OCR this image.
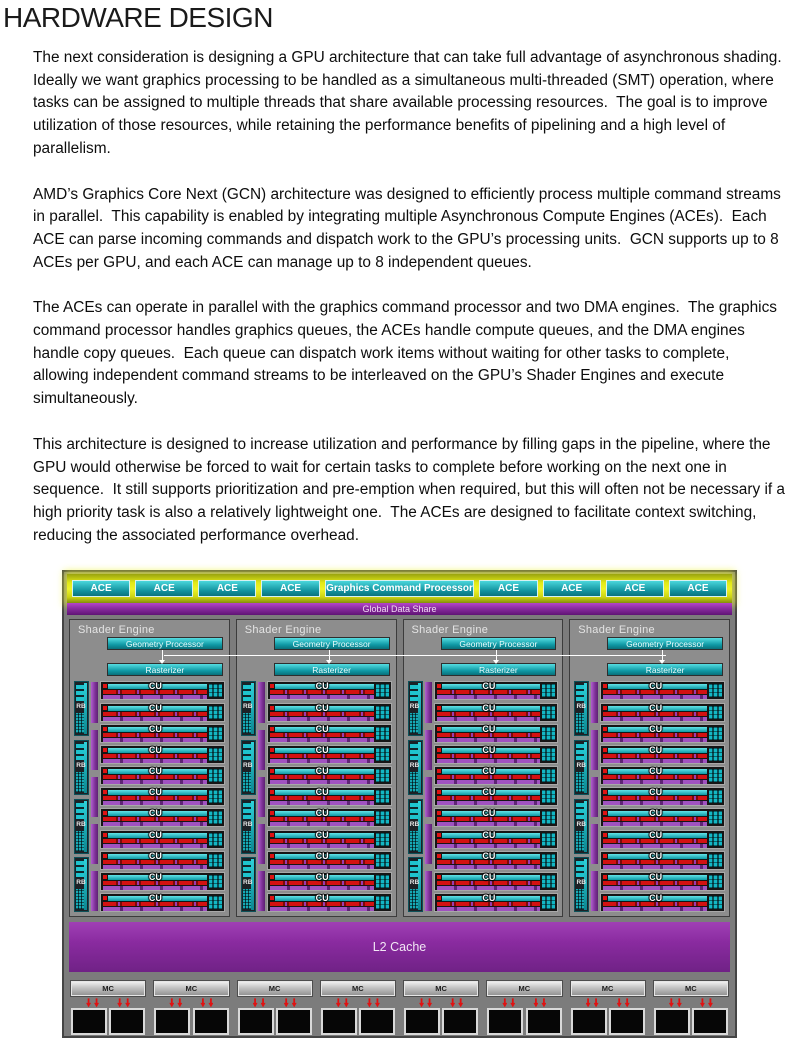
HARDWARE DESIGN

The next consideration is designing a GPU architecture that can take full advantage of asynchronous shading.  Ideally we want graphics processing to be handled as a simultaneous multi-threaded (SMT) operation, where tasks can be assigned to multiple threads that share available processing resources.  The goal is to improve utilization of those resources, while retaining the performance benefits of pipelining and a high level of parallelism.

AMD’s Graphics Core Next (GCN) architecture was designed to efficiently process multiple command streams in parallel.  This capability is enabled by integrating multiple Asynchronous Compute Engines (ACEs).  Each ACE can parse incoming commands and dispatch work to the GPU’s processing units.  GCN supports up to 8 ACEs per GPU, and each ACE can manage up to 8 independent queues.

The ACEs can operate in parallel with the graphics command processor and two DMA engines.  The graphics command processor handles graphics queues, the ACEs handle compute queues, and the DMA engines handle copy queues.  Each queue can dispatch work items without waiting for other tasks to complete, allowing independent command streams to be interleaved on the GPU’s Shader Engines and execute simultaneously.

This architecture is designed to increase utilization and performance by filling gaps in the pipeline, where the GPU would otherwise be forced to wait for certain tasks to complete before working on the next one in sequence.  It still supports prioritization and pre-emption when required, but this will often not be necessary if a high priority task is also a relatively lightweight one.  The ACEs are designed to facilitate context switching, reducing the associated performance overhead.

ACE	ACE	ACE	ACE	Graphics Command Processor	ACE	ACE	ACE	ACE
Global Data Share
Shader Engine
Geometry Processor
Rasterizer
RB
RB
RB
RB
CU
CU
CU
CU
CU
CU
CU
CU
CU
CU
CU
Shader Engine
Geometry Processor
Rasterizer
RB
RB
RB
RB
CU
CU
CU
CU
CU
CU
CU
CU
CU
CU
CU
Shader Engine
Geometry Processor
Rasterizer
RB
RB
RB
RB
CU
CU
CU
CU
CU
CU
CU
CU
CU
CU
CU
Shader Engine
Geometry Processor
Rasterizer
RB
RB
RB
RB
CU
CU
CU
CU
CU
CU
CU
CU
CU
CU
CU
L2 Cache
MC	MC	MC	MC	MC	MC	MC	MC
